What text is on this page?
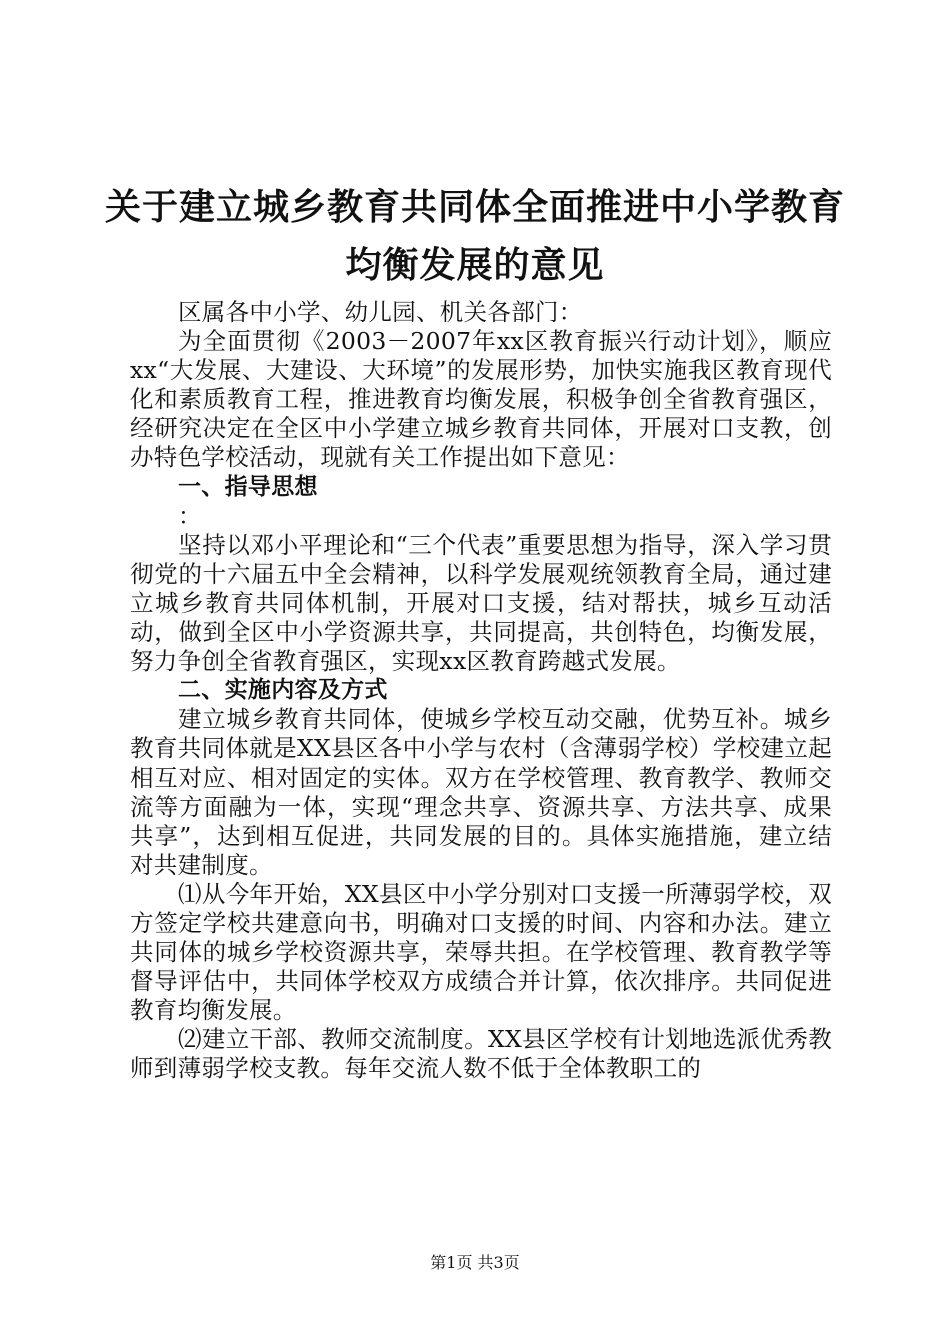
关于建立城乡教育共同体全面推进中小学教育
均衡发展的意见

区属各中小学、幼儿园、机关各部门：

为全面贯彻《2003－2007年xx区教育振兴行动计划》，顺应xx“大发展、大建设、大环境”的发展形势，加快实施我区教育现代化和素质教育工程，推进教育均衡发展，积极争创全省教育强区，经研究决定在全区中小学建立城乡教育共同体，开展对口支教，创办特色学校活动，现就有关工作提出如下意见：

一、指导思想

：

坚持以邓小平理论和“三个代表”重要思想为指导，深入学习贯彻党的十六届五中全会精神，以科学发展观统领教育全局，通过建立城乡教育共同体机制，开展对口支援，结对帮扶，城乡互动活动，做到全区中小学资源共享，共同提高，共创特色，均衡发展，努力争创全省教育强区，实现xx区教育跨越式发展。

二、实施内容及方式

建立城乡教育共同体，使城乡学校互动交融，优势互补。城乡教育共同体就是XX县区各中小学与农村（含薄弱学校）学校建立起相互对应、相对固定的实体。双方在学校管理、教育教学、教师交流等方面融为一体，实现“理念共享、资源共享、方法共享、成果共享”，达到相互促进，共同发展的目的。具体实施措施，建立结对共建制度。

⑴从今年开始，XX县区中小学分别对口支援一所薄弱学校，双方签定学校共建意向书，明确对口支援的时间、内容和办法。建立共同体的城乡学校资源共享，荣辱共担。在学校管理、教育教学等督导评估中，共同体学校双方成绩合并计算，依次排序。共同促进教育均衡发展。

⑵建立干部、教师交流制度。XX县区学校有计划地选派优秀教师到薄弱学校支教。每年交流人数不低于全体教职工的

第1页 共3页
